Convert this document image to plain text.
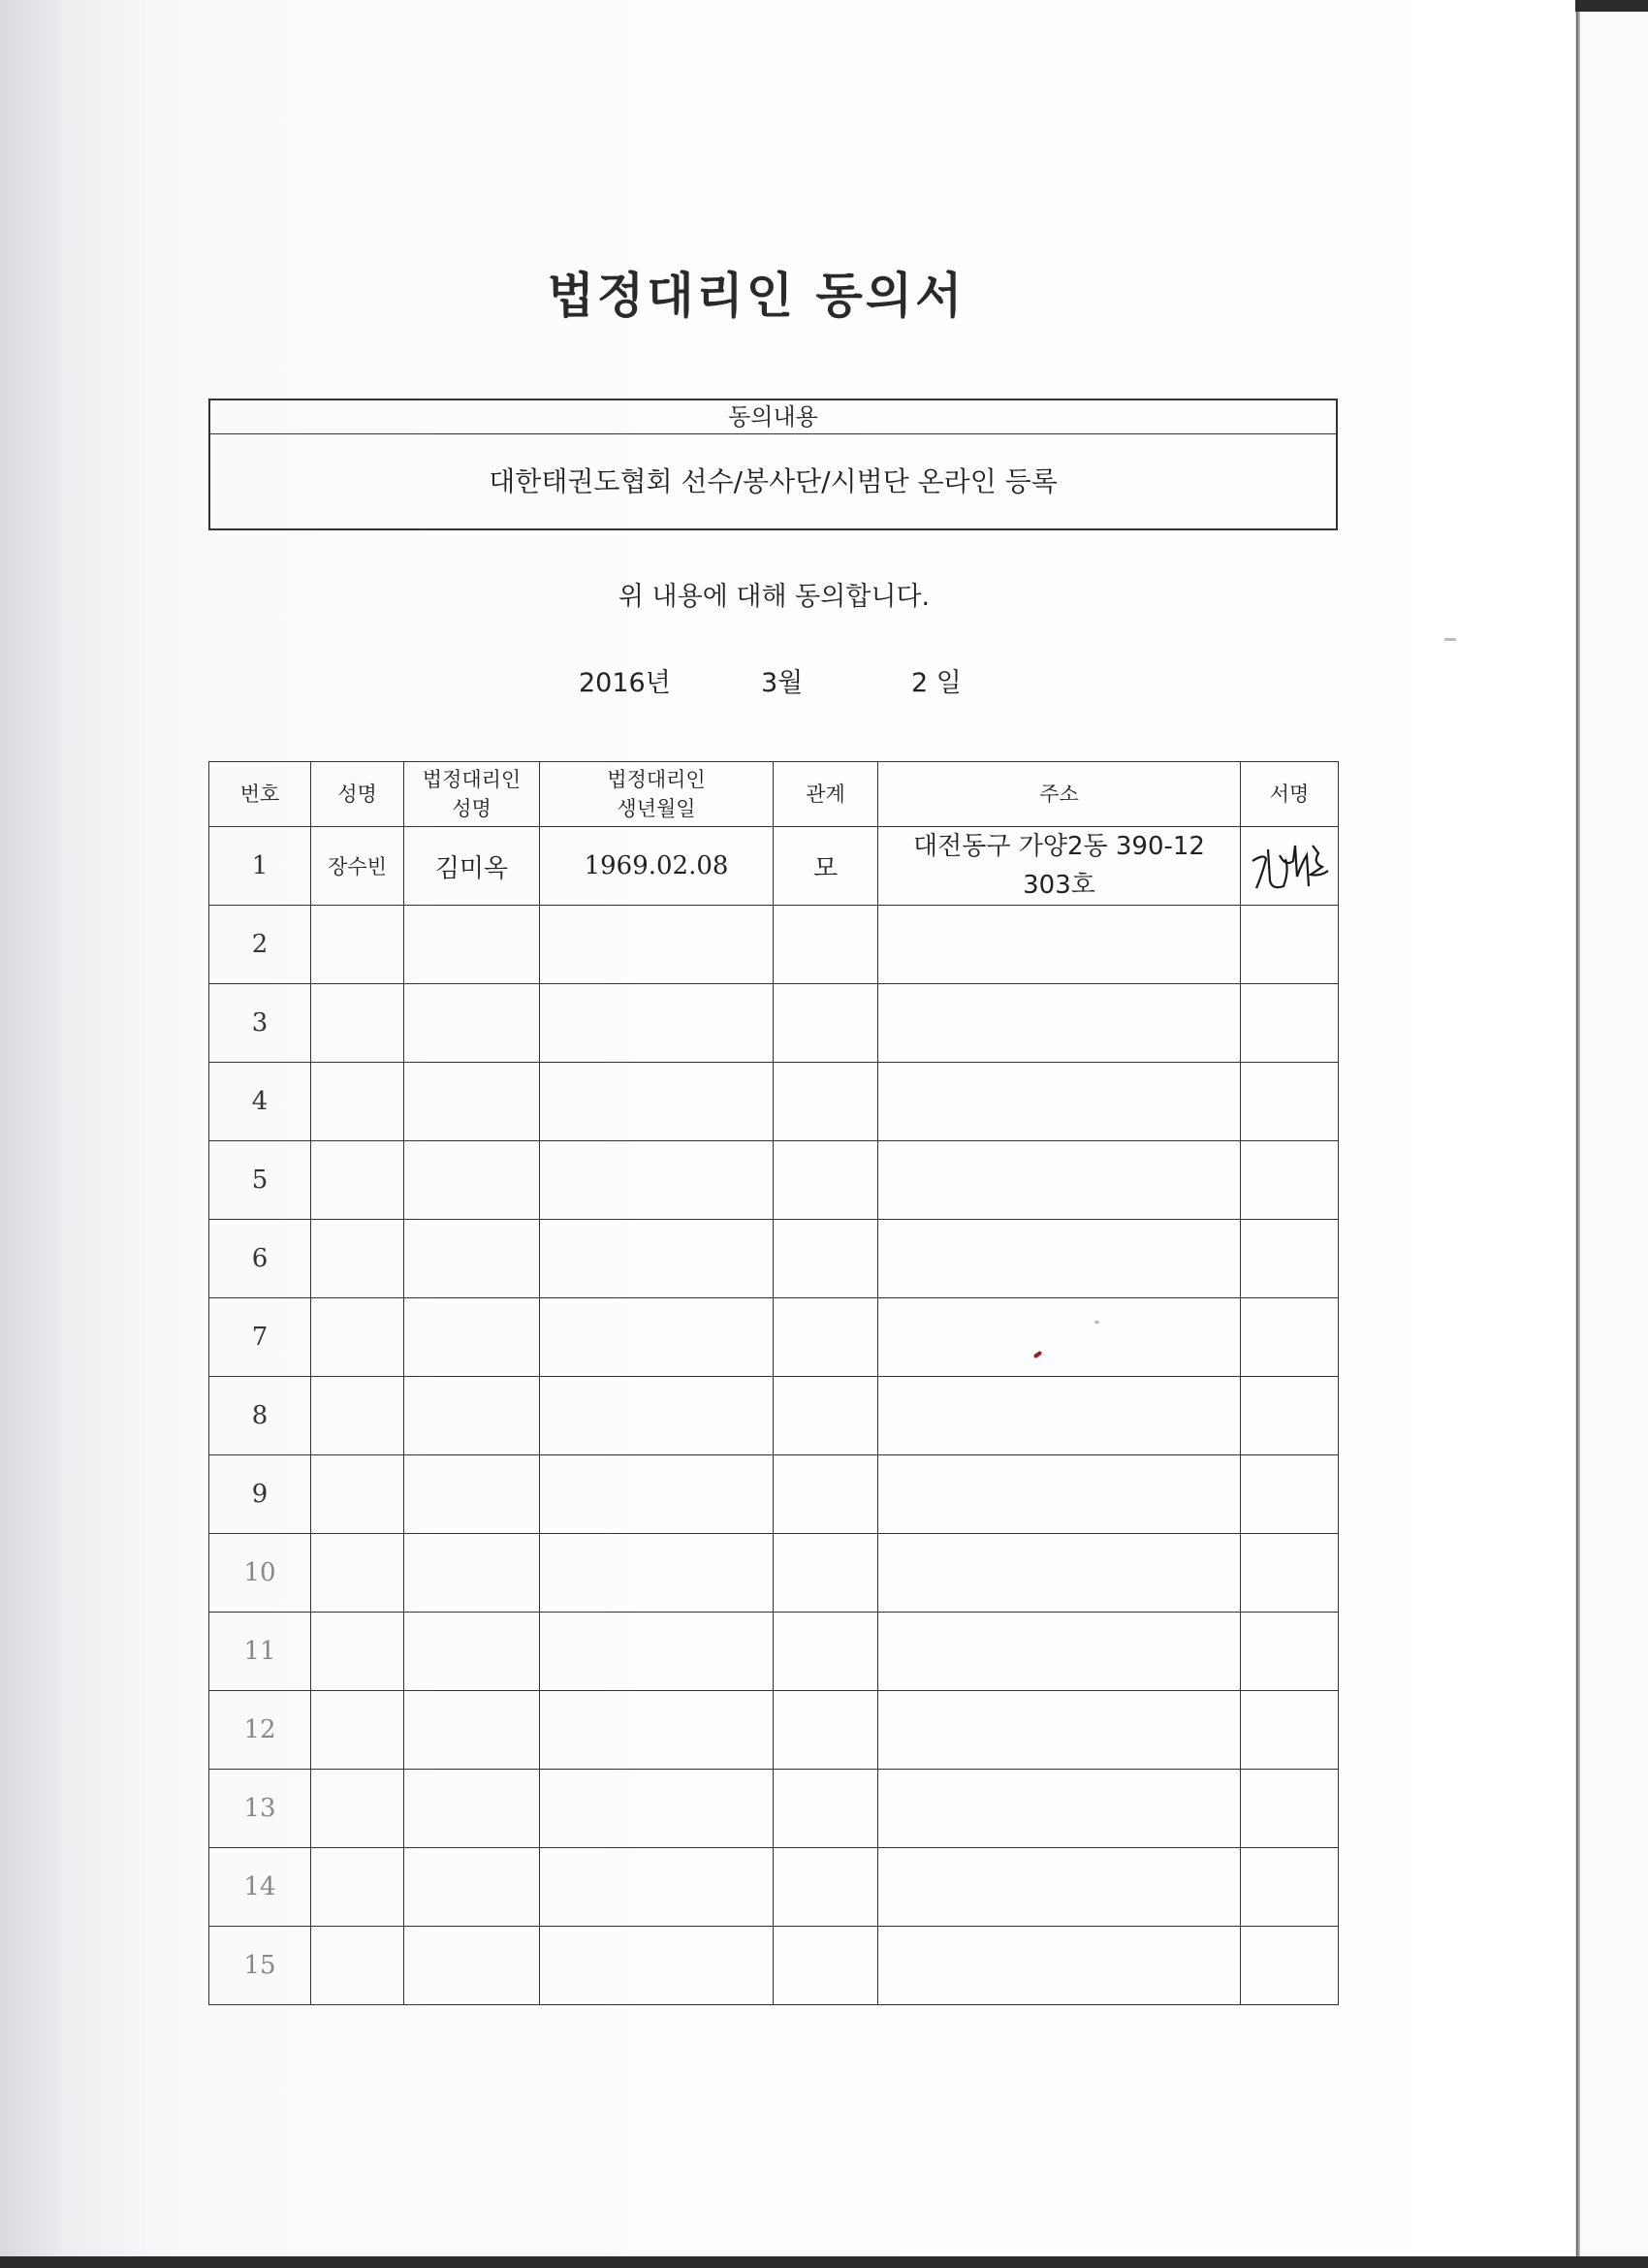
법정대리인 동의서
동의내용
대한태권도협회 선수/봉사단/시범단 온라인 등록
위 내용에 대해 동의합니다.
2016년	3월	2 일
번호	성명	법정대리인 성명	법정대리인 생년월일	관계	주소	서명
1	장수빈	김미옥	1969.02.08	모	대전동구 가양2동 390-12
303호

2						
3						
4						
5						
6						
7						
8						
9						
10						
11						
12						
13						
14						
15						
